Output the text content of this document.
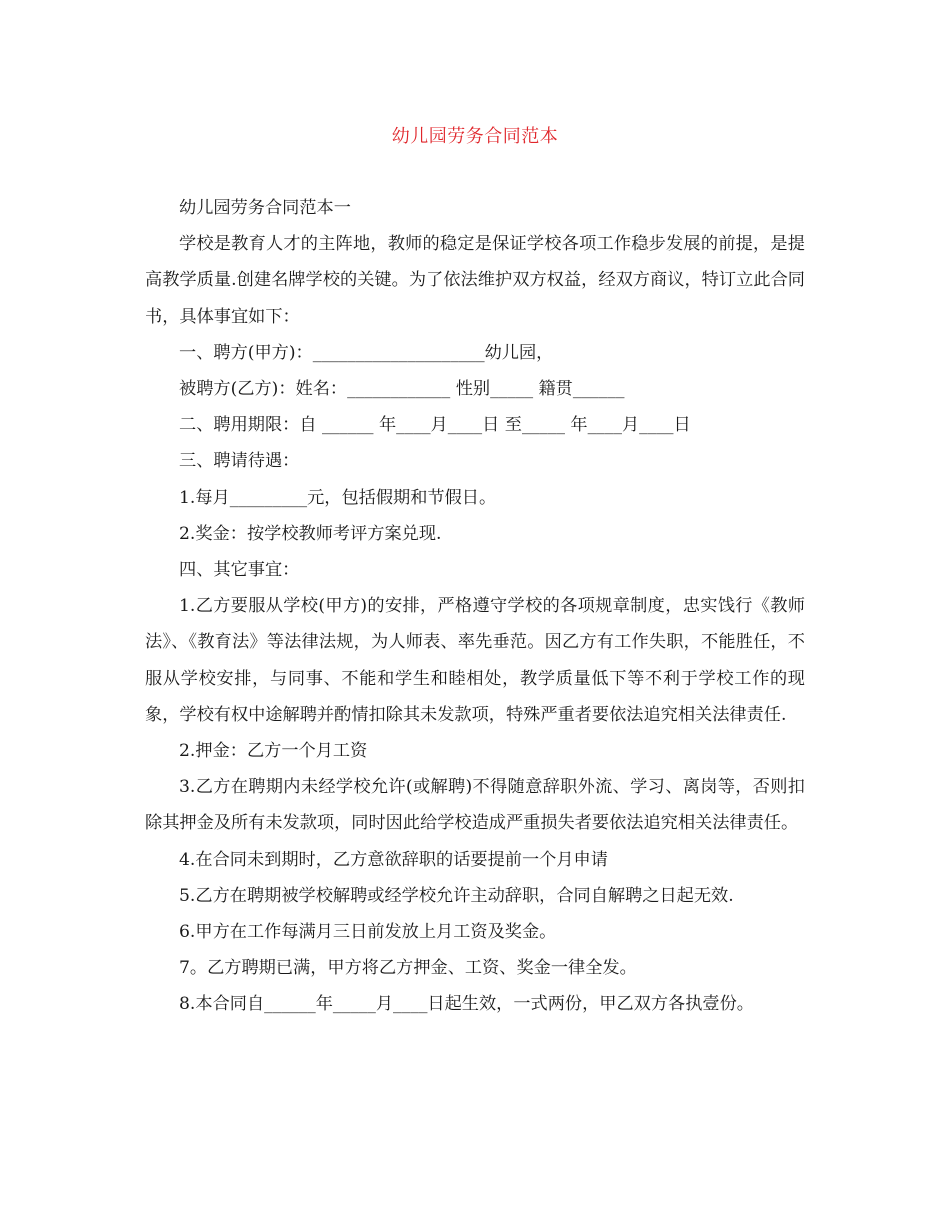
幼儿园劳务合同范本

幼儿园劳务合同范本一

学校是教育人才的主阵地，教师的稳定是保证学校各项工作稳步发展的前提，是提高教学质量.创建名牌学校的关键。为了依法维护双方权益，经双方商议，特订立此合同书，具体事宜如下：

一、聘方(甲方)：____________________幼儿园，

被聘方(乙方)：姓名：____________ 性别_____ 籍贯______

二、聘用期限：自 ______ 年____月____日 至_____ 年____月____日

三、聘请待遇：

1.每月_________元，包括假期和节假日。

2.奖金：按学校教师考评方案兑现.

四、其它事宜：

1.乙方要服从学校(甲方)的安排，严格遵守学校的各项规章制度，忠实饯行《教师法》、《教育法》等法律法规，为人师表、率先垂范。因乙方有工作失职，不能胜任，不服从学校安排，与同事、不能和学生和睦相处，教学质量低下等不利于学校工作的现象，学校有权中途解聘并酌情扣除其未发款项，特殊严重者要依法追究相关法律责任.

2.押金：乙方一个月工资

3.乙方在聘期内未经学校允许(或解聘)不得随意辞职外流、学习、离岗等，否则扣除其押金及所有未发款项，同时因此给学校造成严重损失者要依法追究相关法律责任。

4.在合同未到期时，乙方意欲辞职的话要提前一个月申请

5.乙方在聘期被学校解聘或经学校允许主动辞职，合同自解聘之日起无效.

6.甲方在工作每满月三日前发放上月工资及奖金。

7。乙方聘期已满，甲方将乙方押金、工资、奖金一律全发。

8.本合同自______年_____月____日起生效，一式两份，甲乙双方各执壹份。
